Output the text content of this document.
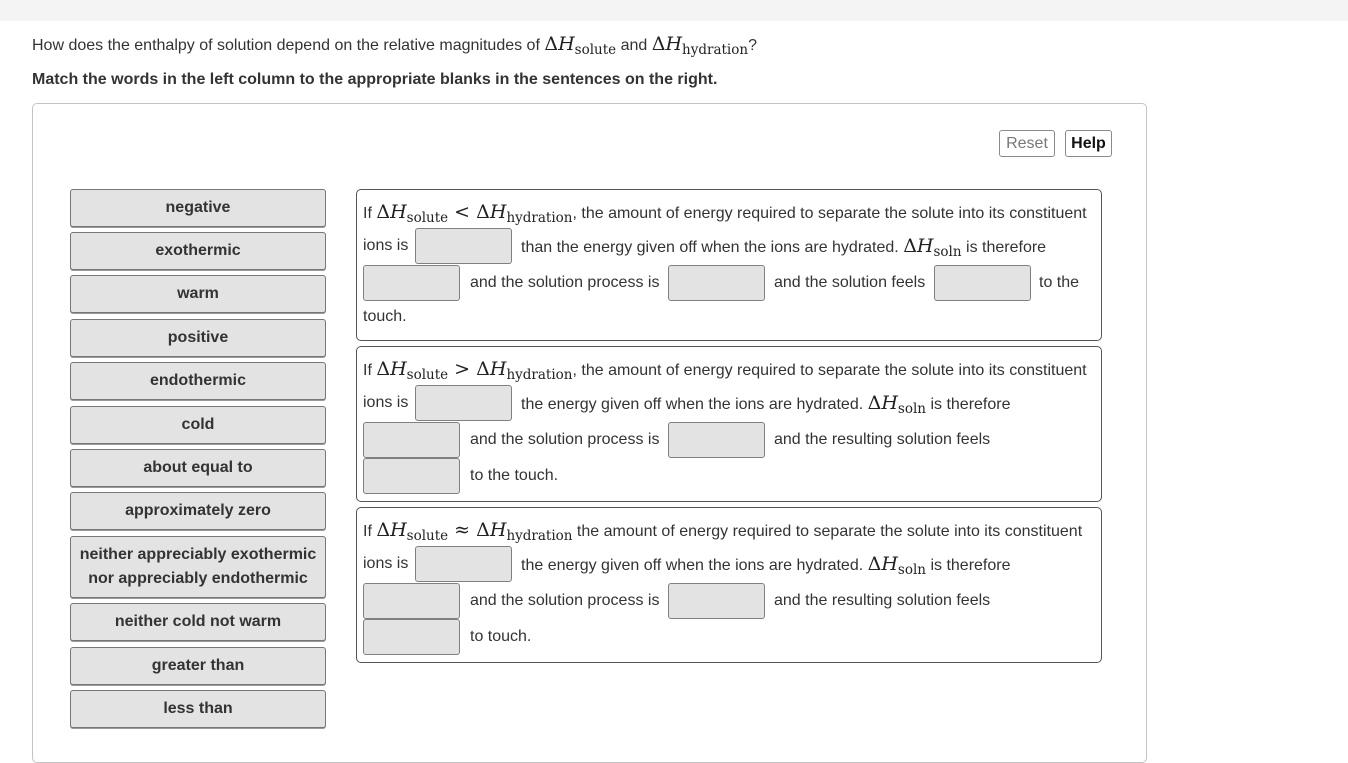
How does the enthalpy of solution depend on the relative magnitudes of $\Delta H_{solute}$ and $\Delta H_{hydration}$?
Match the words in the left column to the appropriate blanks in the sentences on the right.
Reset	Help
negative
exothermic
warm
positive
endothermic
cold
about equal to
approximately zero
neither appreciably exothermic
nor appreciably endothermic
neither cold not warm
greater than
less than
If $\Delta H_{solute} < \Delta H_{hydration}$, the amount of energy required to separate the solute into its constituent
ions is	than the energy given off when the ions are hydrated. $\Delta H_{soln}$ is therefore
and the solution process is	and the solution feels	to the
touch.
If $\Delta H_{solute} > \Delta H_{hydration}$, the amount of energy required to separate the solute into its constituent
ions is	the energy given off when the ions are hydrated. $\Delta H_{soln}$ is therefore
and the solution process is	and the resulting solution feels
to the touch.
If $\Delta H_{solute} \approx \Delta H_{hydration}$ the amount of energy required to separate the solute into its constituent
ions is	the energy given off when the ions are hydrated. $\Delta H_{soln}$ is therefore
and the solution process is	and the resulting solution feels
to touch.
